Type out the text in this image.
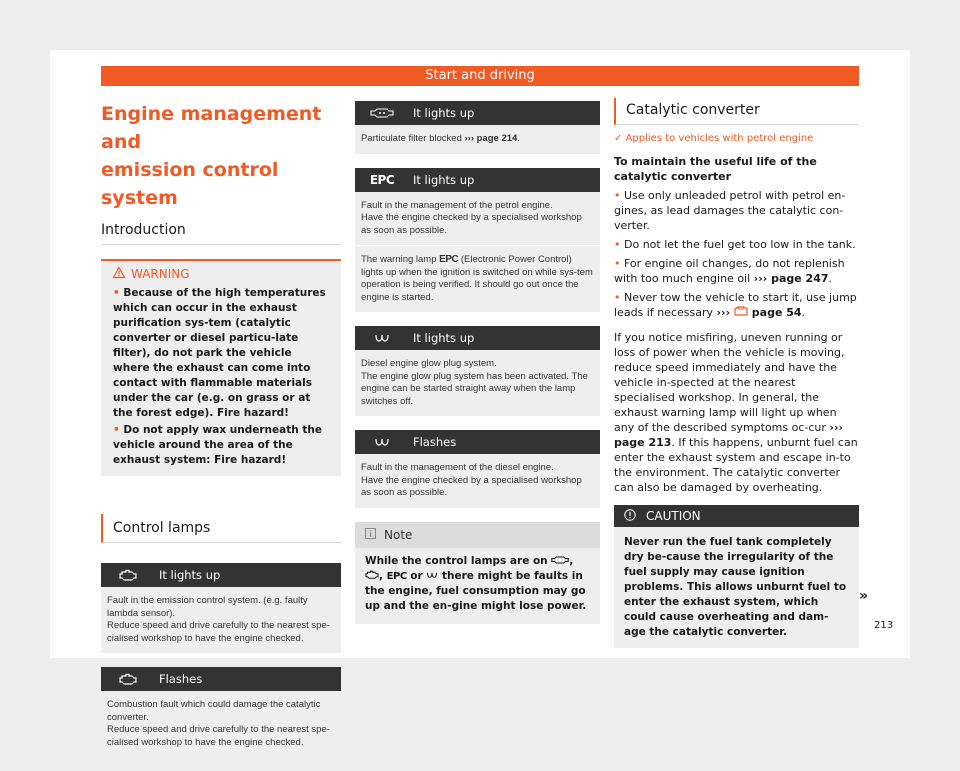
Start and driving
Engine management and
emission control system
Introduction
WARNING

• Because of the high temperatures which can occur in the exhaust purification sys-tem (catalytic converter or diesel particu-late filter), do not park the vehicle where the exhaust can come into contact with flammable materials under the car (e.g. on grass or at the forest edge). Fire hazard!

• Do not apply wax underneath the vehicle around the area of the exhaust system: Fire hazard!

Control lamps
It lights up

Fault in the emission control system. (e.g. faulty lambda sensor).

Reduce speed and drive carefully to the nearest spe-cialised workshop to have the engine checked.

Flashes

Combustion fault which could damage the catalytic converter.

Reduce speed and drive carefully to the nearest spe-cialised workshop to have the engine checked.

It lights up

Particulate filter blocked ››› page 214.

EPC It lights up

Fault in the management of the petrol engine.

Have the engine checked by a specialised workshop as soon as possible.

The warning lamp EPC (Electronic Power Control) lights up when the ignition is switched on while sys-tem operation is being verified. It should go out once the engine is started.

It lights up

Diesel engine glow plug system.

The engine glow plug system has been activated. The engine can be started straight away when the lamp switches off.

Flashes

Fault in the management of the diesel engine.

Have the engine checked by a specialised workshop as soon as possible.

Note

While the control lamps are on , , EPC or  there might be faults in the engine, fuel consumption may go up and the en-gine might lose power.

Catalytic converter
✓ Applies to vehicles with petrol engine

To maintain the useful life of the catalytic converter

• Use only unleaded petrol with petrol en-gines, as lead damages the catalytic con-verter.

• Do not let the fuel get too low in the tank.

• For engine oil changes, do not replenish with too much engine oil ››› page 247.

• Never tow the vehicle to start it, use jump leads if necessary ›››  page 54.

If you notice misfiring, uneven running or loss of power when the vehicle is moving, reduce speed immediately and have the vehicle in-spected at the nearest specialised workshop. In general, the exhaust warning lamp will light up when any of the described symptoms oc-cur ››› page 213. If this happens, unburnt fuel can enter the exhaust system and escape in-to the environment. The catalytic converter can also be damaged by overheating.

CAUTION
Never run the fuel tank completely dry be-cause the irregularity of the fuel supply may cause ignition problems. This allows unburnt fuel to enter the exhaust system, which could cause overheating and dam-age the catalytic converter.
»
213
